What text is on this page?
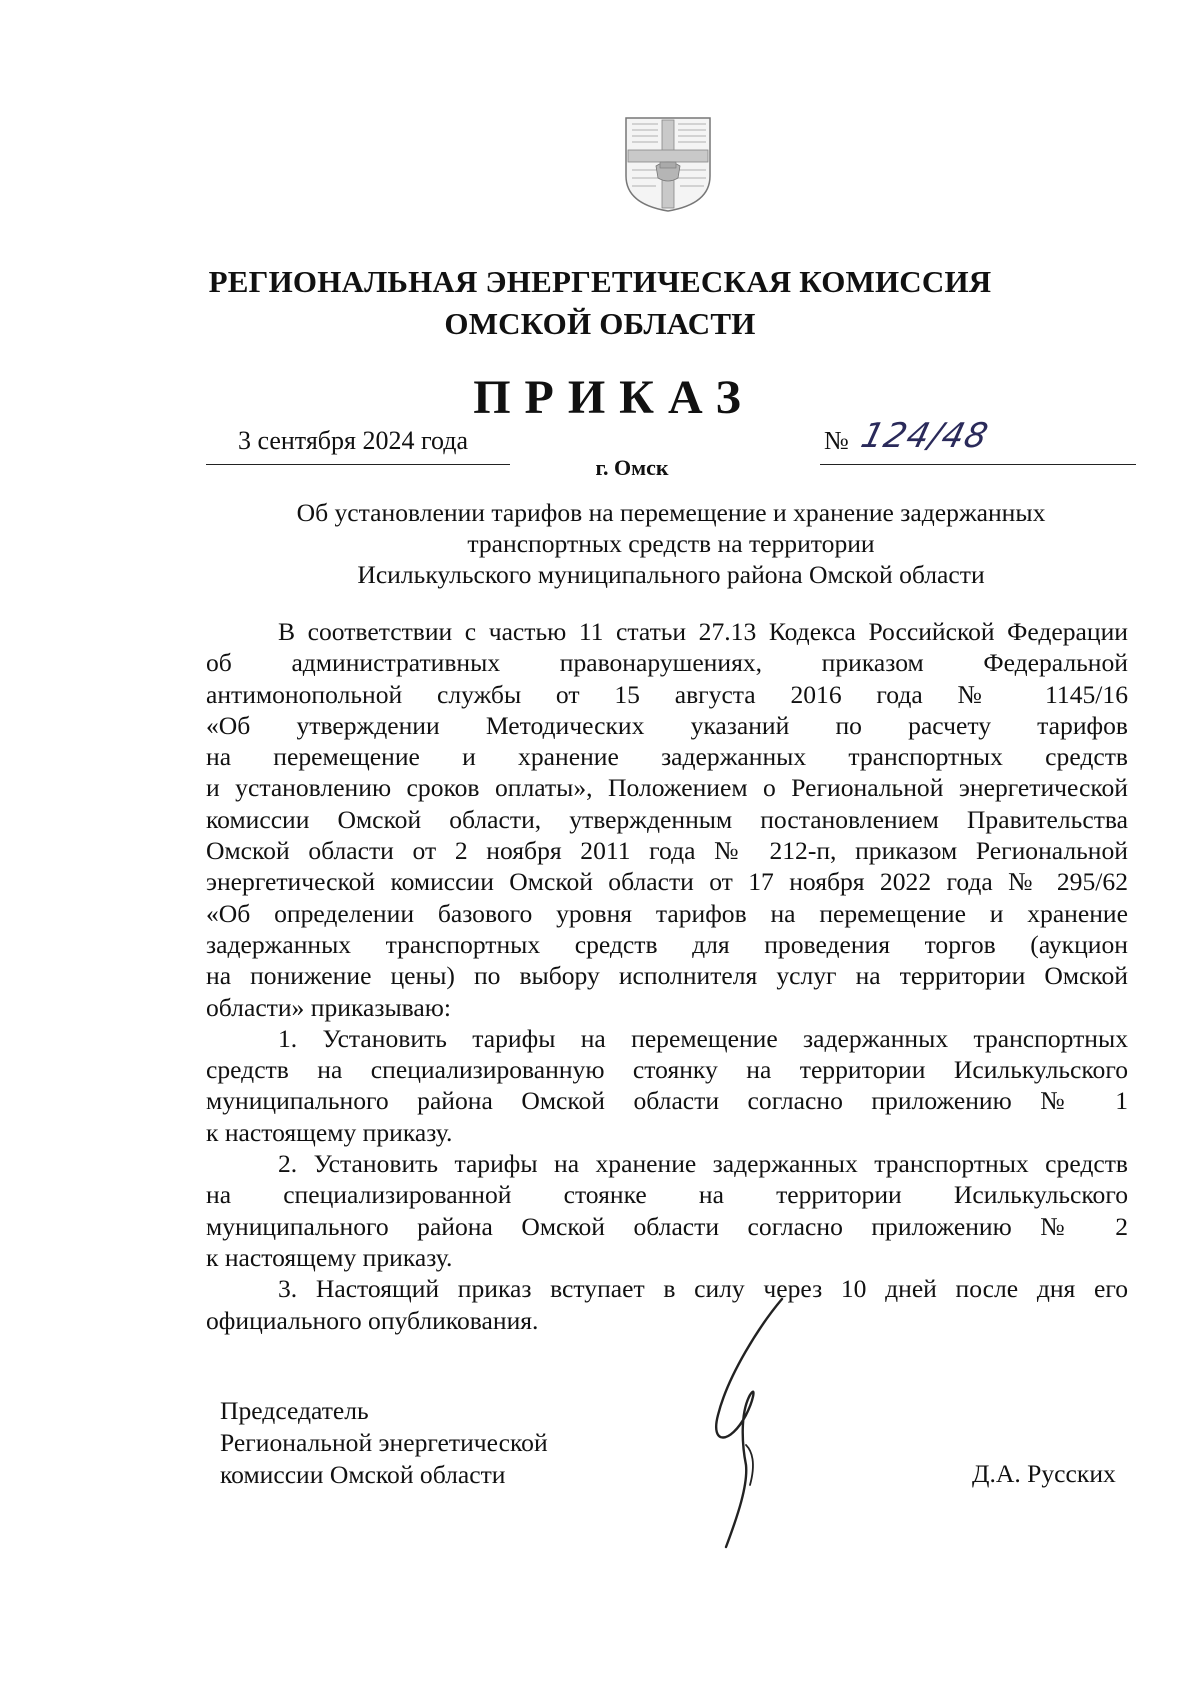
РЕГИОНАЛЬНАЯ ЭНЕРГЕТИЧЕСКАЯ КОМИССИЯ
ОМСКОЙ ОБЛАСТИ
ПРИКАЗ
3 сентября 2024 года	№ 124/48
г. Омск
Об установлении тарифов на перемещение и хранение задержанных
транспортных средств на территории
Исилькульского муниципального района Омской области
В соответствии с частью 11 статьи 27.13 Кодекса Российской Федерации
об административных правонарушениях, приказом Федеральной
антимонопольной службы от 15 августа 2016 года № 1145/16
«Об утверждении Методических указаний по расчету тарифов
на перемещение и хранение задержанных транспортных средств
и установлению сроков оплаты», Положением о Региональной энергетической
комиссии Омской области, утвержденным постановлением Правительства
Омской области от 2 ноября 2011 года № 212-п, приказом Региональной
энергетической комиссии Омской области от 17 ноября 2022 года № 295/62
«Об определении базового уровня тарифов на перемещение и хранение
задержанных транспортных средств для проведения торгов (аукцион
на понижение цены) по выбору исполнителя услуг на территории Омской
области» приказываю:
1. Установить тарифы на перемещение задержанных транспортных
средств на специализированную стоянку на территории Исилькульского
муниципального района Омской области согласно приложению № 1
к настоящему приказу.
2. Установить тарифы на хранение задержанных транспортных средств
на специализированной стоянке на территории Исилькульского
муниципального района Омской области согласно приложению № 2
к настоящему приказу.
3. Настоящий приказ вступает в силу через 10 дней после дня его
официального опубликования.
Председатель
Региональной энергетической
комиссии Омской области	Д.А. Русских
